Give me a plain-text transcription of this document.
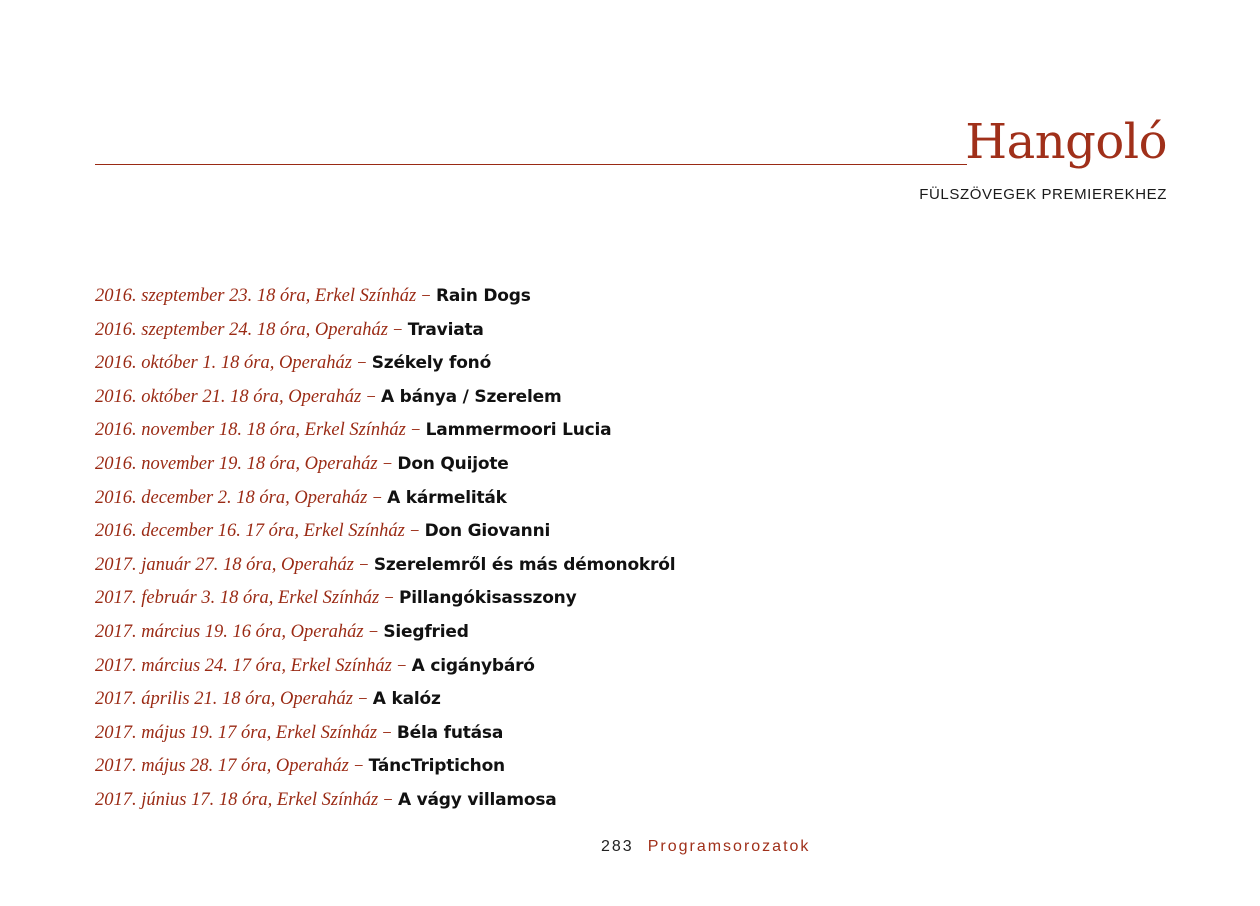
Hangoló
FÜLSZÖVEGEK PREMIEREKHEZ
2016. szeptember 23. 18 óra, Erkel Színház – Rain Dogs
2016. szeptember 24. 18 óra, Operaház – Traviata
2016. október 1. 18 óra, Operaház – Székely fonó
2016. október 21. 18 óra, Operaház – A bánya / Szerelem
2016. november 18. 18 óra, Erkel Színház – Lammermoori Lucia
2016. november 19. 18 óra, Operaház – Don Quijote
2016. december 2. 18 óra, Operaház – A kármeliták
2016. december 16. 17 óra, Erkel Színház – Don Giovanni
2017. január 27. 18 óra, Operaház – Szerelemről és más démonokról
2017. február 3. 18 óra, Erkel Színház – Pillangókisasszony
2017. március 19. 16 óra, Operaház – Siegfried
2017. március 24. 17 óra, Erkel Színház – A cigánybáró
2017. április 21. 18 óra, Operaház – A kalóz
2017. május 19. 17 óra, Erkel Színház – Béla futása
2017. május 28. 17 óra, Operaház – TáncTriptichon
2017. június 17. 18 óra, Erkel Színház – A vágy villamosa
283 Programsorozatok
